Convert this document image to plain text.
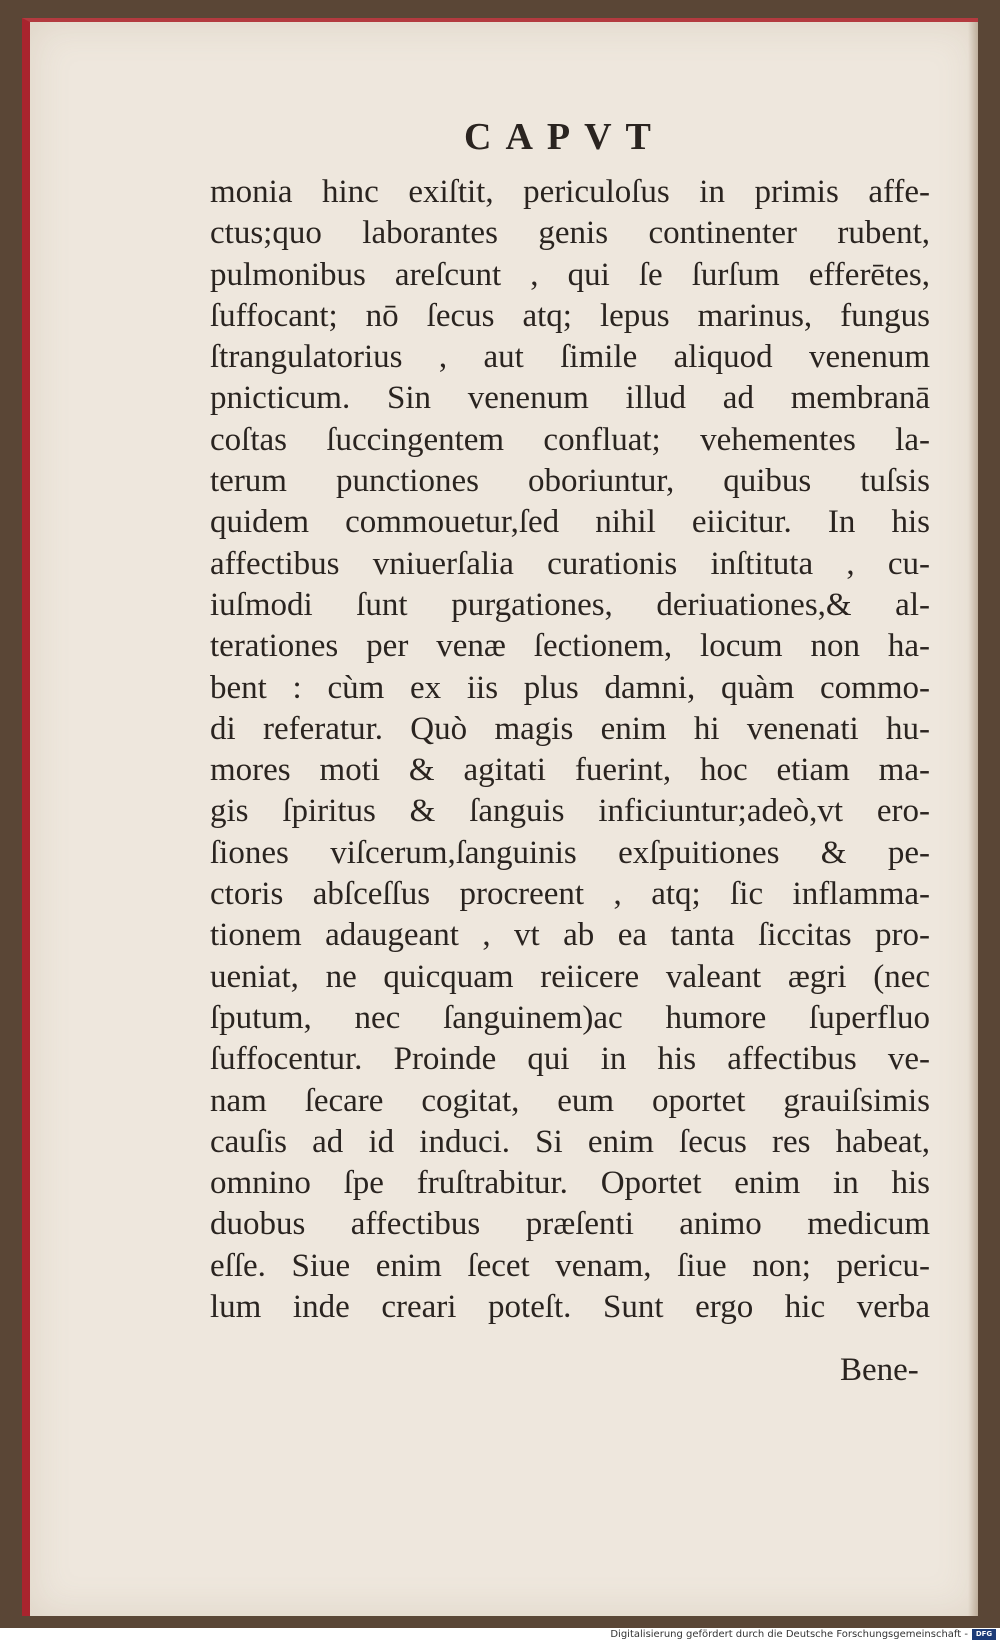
CAPVT
monia hinc exiſtit, periculoſus in primis affe-
ctus;quo laborantes genis continenter rubent,
pulmonibus areſcunt , qui ſe ſurſum efferētes,
ſuffocant; nō ſecus atq; lepus marinus, fungus
ſtrangulatorius , aut ſimile aliquod venenum
pnicticum. Sin venenum illud ad membranā
coſtas ſuccingentem confluat; vehementes la-
terum punctiones oboriuntur, quibus tuſsis
quidem commouetur,ſed nihil eiicitur. In his
affectibus vniuerſalia curationis inſtituta , cu-
iuſmodi ſunt purgationes, deriuationes,& al-
terationes per venæ ſectionem, locum non ha-
bent : cùm ex iis plus damni, quàm commo-
di referatur. Quò magis enim hi venenati hu-
mores moti & agitati fuerint, hoc etiam ma-
gis ſpiritus & ſanguis inficiuntur;adeò,vt ero-
ſiones viſcerum,ſanguinis exſpuitiones & pe-
ctoris abſceſſus procreent , atq; ſic inflamma-
tionem adaugeant , vt ab ea tanta ſiccitas pro-
ueniat, ne quicquam reiicere valeant ægri (nec
ſputum, nec ſanguinem)ac humore ſuperfluo
ſuffocentur. Proinde qui in his affectibus ve-
nam ſecare cogitat, eum oportet grauiſsimis
cauſis ad id induci. Si enim ſecus res habeat,
omnino ſpe fruſtrabitur. Oportet enim in his
duobus affectibus præſenti animo medicum
eſſe. Siue enim ſecet venam, ſiue non; pericu-
lum inde creari poteſt. Sunt ergo hic verba
Bene-
Digitalisierung gefördert durch die Deutsche Forschungsgemeinschaft -	DFG
